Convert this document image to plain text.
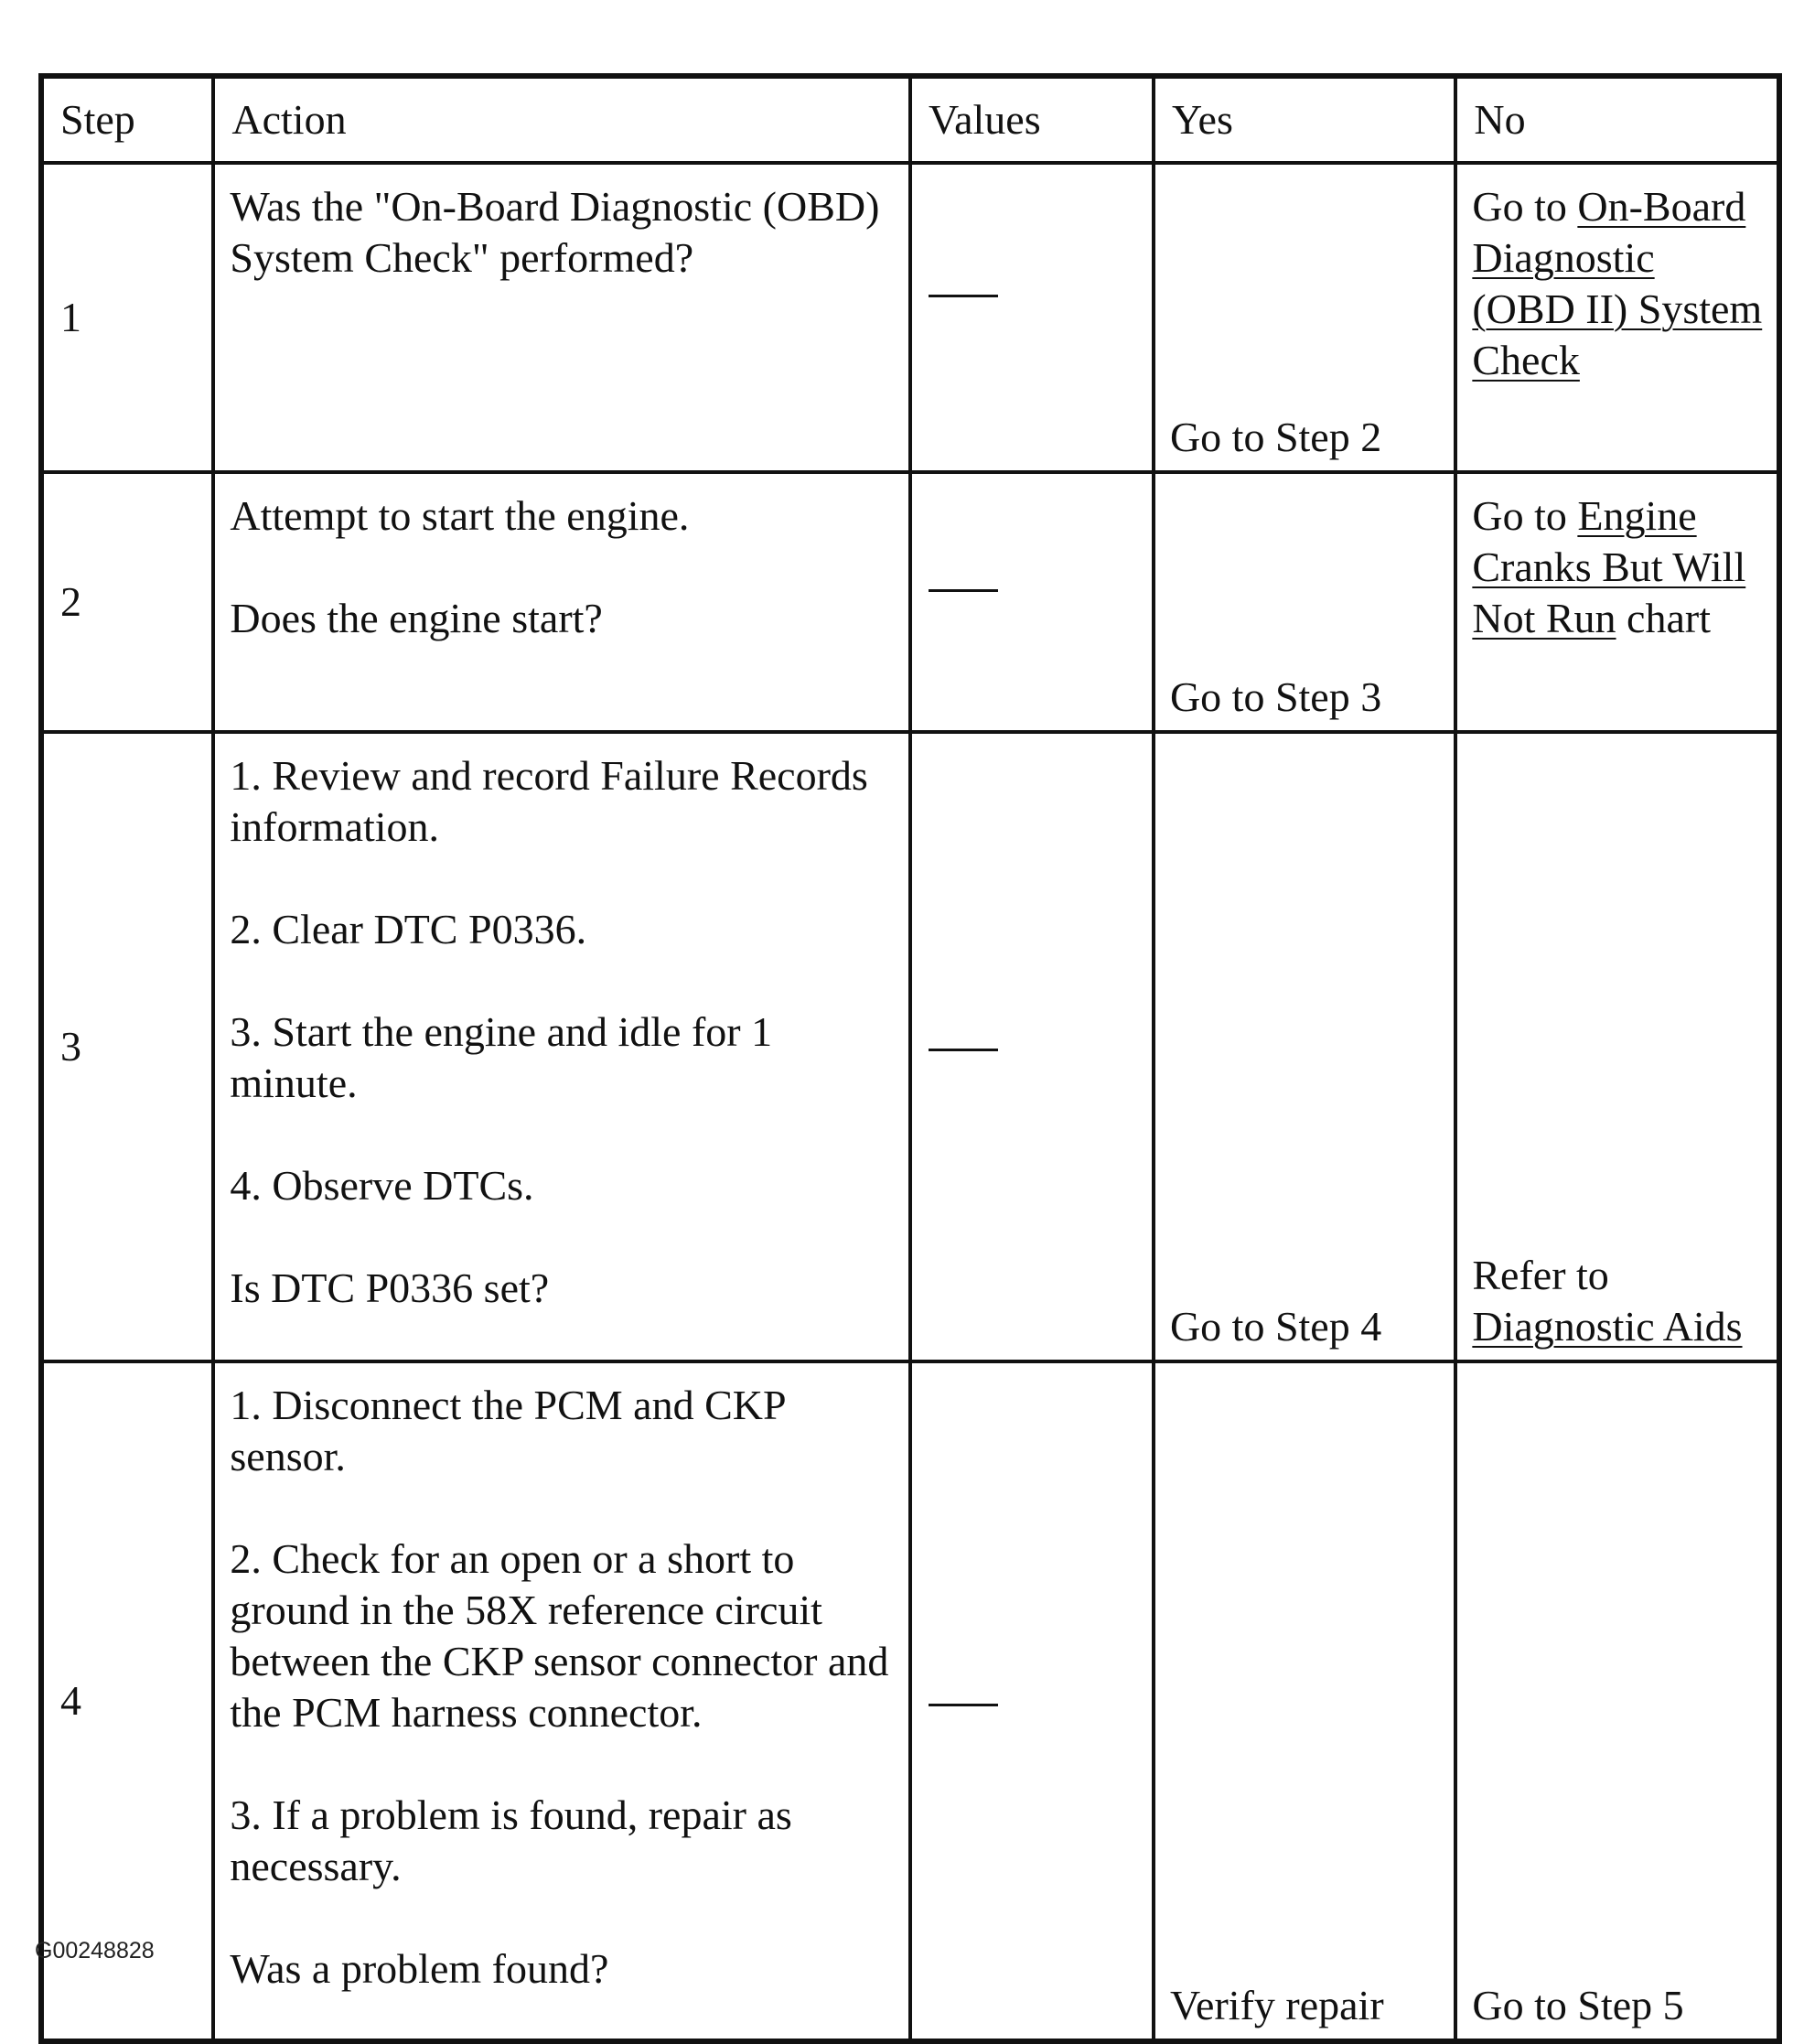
Step	Action	Values	Yes	No

1	Was the "On-Board Diagnostic (OBD) System Check" performed?		Go to Step 2	Go to On-Board Diagnostic (OBD II) System Check

2	Attempt to start the engine.
Does the engine start?		Go to Step 3	Go to Engine Cranks But Will Not Run chart

3	1. Review and record Failure Records information.
2. Clear DTC P0336.
3. Start the engine and idle for 1 minute.
4. Observe DTCs.
Is DTC P0336 set?		Go to Step 4	Refer to Diagnostic Aids

4	1. Disconnect the PCM and CKP sensor.
2. Check for an open or a short to ground in the 58X reference circuit between the CKP sensor connector and the PCM harness connector.
3. If a problem is found, repair as necessary.
Was a problem found?		Verify repair	Go to Step 5
G00248828
